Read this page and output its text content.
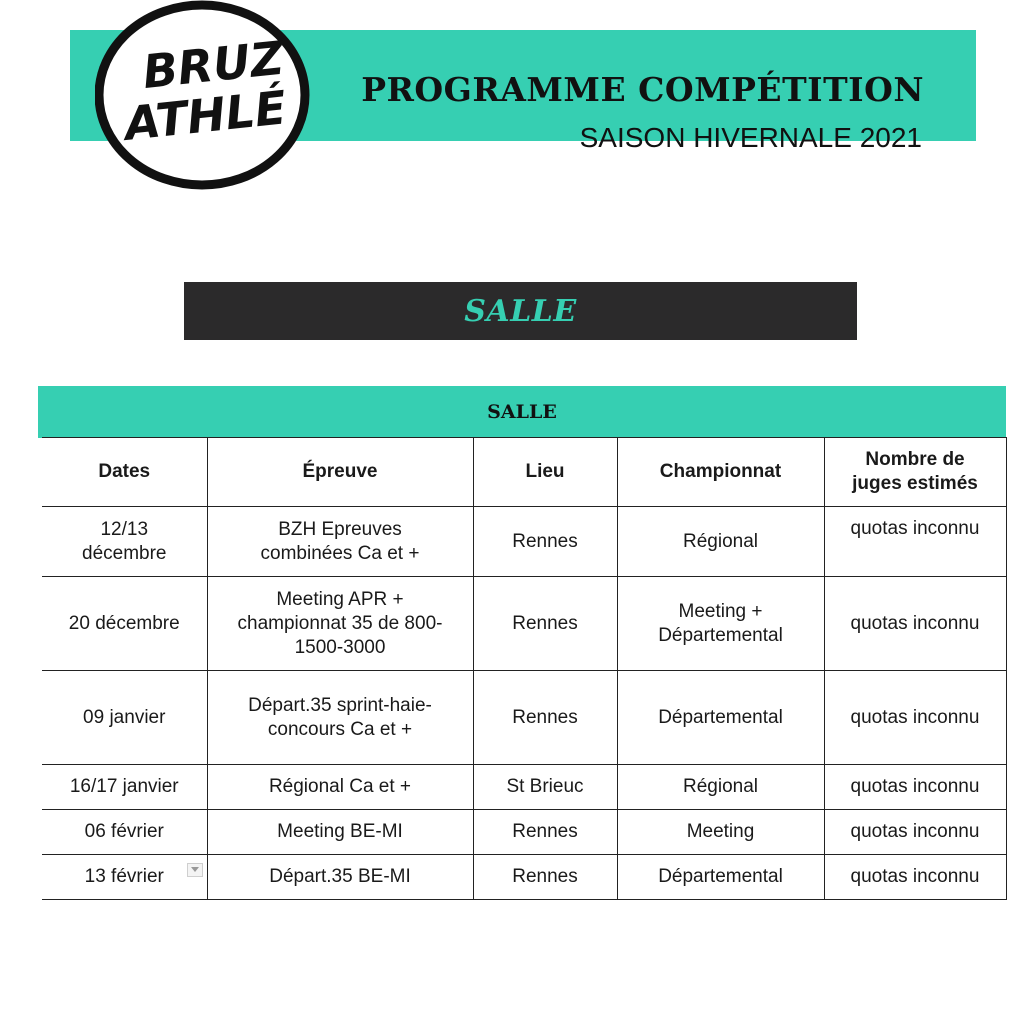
PROGRAMME COMPÉTITION
SAISON HIVERNALE 2021
BRUZ
ATHLÉ
SALLE
SALLE
Dates	Épreuve	Lieu	Championnat	Nombre de juges estimés
12/13 décembre	BZH Epreuves combinées Ca et +	Rennes	Régional	quotas inconnu
20 décembre	Meeting APR + championnat 35 de 800-1500-3000	Rennes	Meeting + Départemental	quotas inconnu
09 janvier	Départ.35 sprint-haie-concours Ca et +	Rennes	Départemental	quotas inconnu
16/17 janvier	Régional Ca et +	St Brieuc	Régional	quotas inconnu
06 février	Meeting BE-MI	Rennes	Meeting	quotas inconnu
13 février	Départ.35 BE-MI	Rennes	Départemental	quotas inconnu
